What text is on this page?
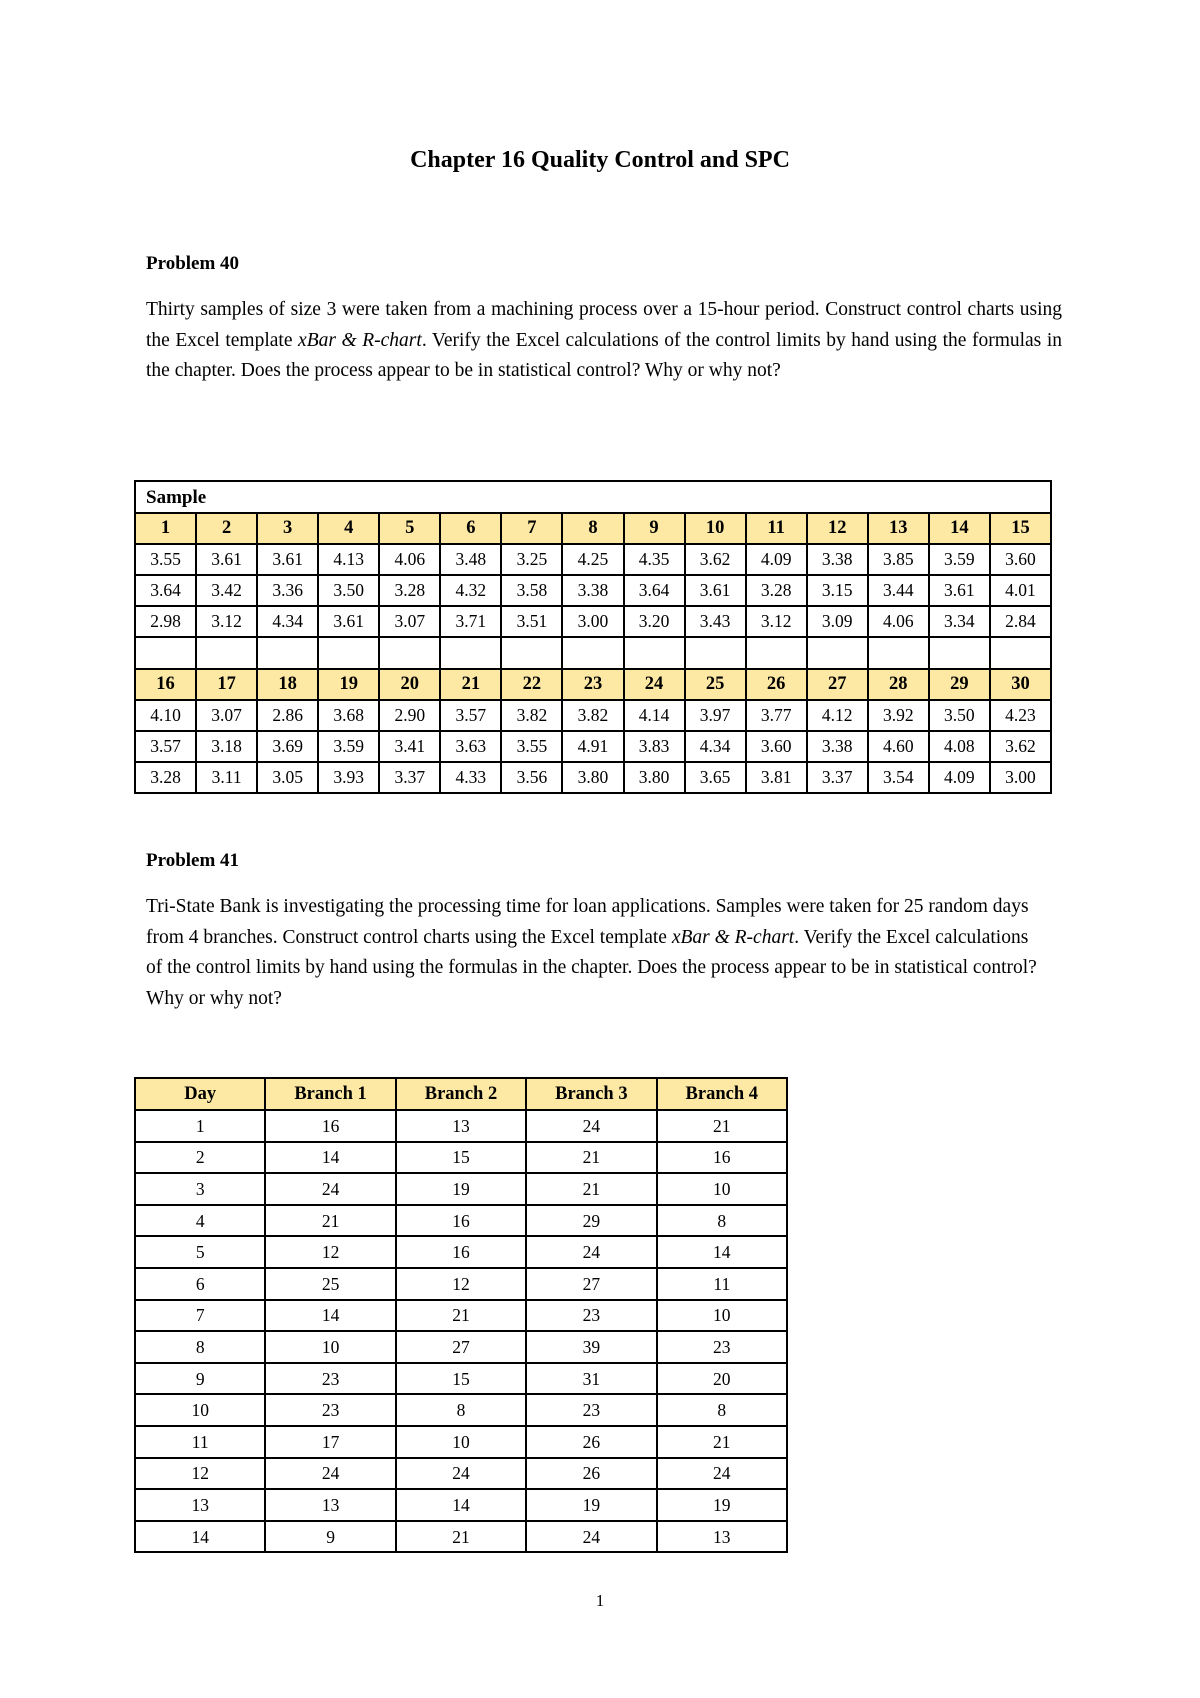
Chapter 16 Quality Control and SPC
Problem 40
Thirty samples of size 3 were taken from a machining process over a 15-hour period. Construct control charts using the Excel template xBar & R-chart. Verify the Excel calculations of the control limits by hand using the formulas in the chapter. Does the process appear to be in statistical control? Why or why not?
Sample														
1	2	3	4	5	6	7	8	9	10	11	12	13	14	15
3.55	3.61	3.61	4.13	4.06	3.48	3.25	4.25	4.35	3.62	4.09	3.38	3.85	3.59	3.60
3.64	3.42	3.36	3.50	3.28	4.32	3.58	3.38	3.64	3.61	3.28	3.15	3.44	3.61	4.01
2.98	3.12	4.34	3.61	3.07	3.71	3.51	3.00	3.20	3.43	3.12	3.09	4.06	3.34	2.84

16	17	18	19	20	21	22	23	24	25	26	27	28	29	30
4.10	3.07	2.86	3.68	2.90	3.57	3.82	3.82	4.14	3.97	3.77	4.12	3.92	3.50	4.23
3.57	3.18	3.69	3.59	3.41	3.63	3.55	4.91	3.83	4.34	3.60	3.38	4.60	4.08	3.62
3.28	3.11	3.05	3.93	3.37	4.33	3.56	3.80	3.80	3.65	3.81	3.37	3.54	4.09	3.00
Problem 41
Tri-State Bank is investigating the processing time for loan applications. Samples were taken for 25 random days from 4 branches. Construct control charts using the Excel template xBar & R-chart. Verify the Excel calculations of the control limits by hand using the formulas in the chapter. Does the process appear to be in statistical control? Why or why not?
Day	Branch 1	Branch 2	Branch 3	Branch 4
1	16	13	24	21
2	14	15	21	16
3	24	19	21	10
4	21	16	29	8
5	12	16	24	14
6	25	12	27	11
7	14	21	23	10
8	10	27	39	23
9	23	15	31	20
10	23	8	23	8
11	17	10	26	21
12	24	24	26	24
13	13	14	19	19
14	9	21	24	13
1
